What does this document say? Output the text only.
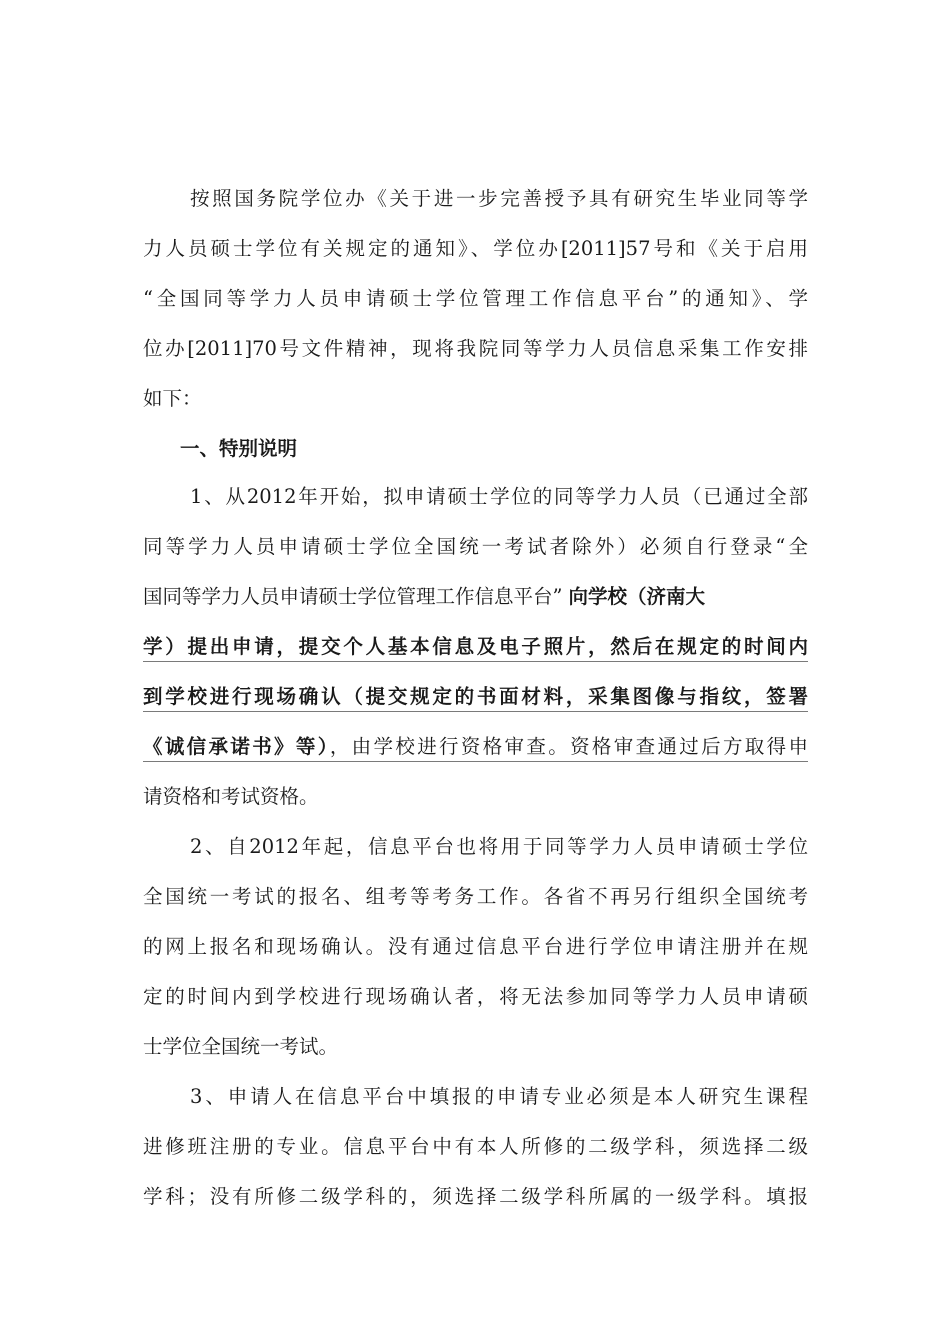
按照国务院学位办《关于进一步完善授予具有研究生毕业同等学
力人员硕士学位有关规定的通知》、学位办[2011]57号和《关于启用
“全国同等学力人员申请硕士学位管理工作信息平台”的通知》、学
位办[2011]70号文件精神，现将我院同等学力人员信息采集工作安排
如下：
一、特别说明
1、从2012年开始，拟申请硕士学位的同等学力人员（已通过全部
同等学力人员申请硕士学位全国统一考试者除外）必须自行登录“全
国同等学力人员申请硕士学位管理工作信息平台” 向学校（济南大
学）提出申请，提交个人基本信息及电子照片，然后在规定的时间内
到学校进行现场确认（提交规定的书面材料，采集图像与指纹，签署
《诚信承诺书》等），由学校进行资格审查。资格审查通过后方取得申
请资格和考试资格。
2、自2012年起，信息平台也将用于同等学力人员申请硕士学位
全国统一考试的报名、组考等考务工作。各省不再另行组织全国统考
的网上报名和现场确认。没有通过信息平台进行学位申请注册并在规
定的时间内到学校进行现场确认者，将无法参加同等学力人员申请硕
士学位全国统一考试。
3、申请人在信息平台中填报的申请专业必须是本人研究生课程
进修班注册的专业。信息平台中有本人所修的二级学科，须选择二级
学科；没有所修二级学科的，须选择二级学科所属的一级学科。填报
